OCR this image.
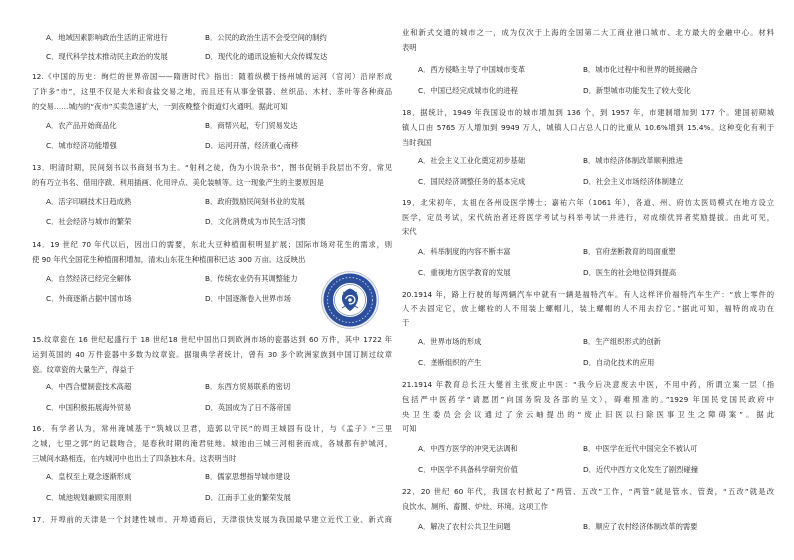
A．地域因素影响政治生活的正常进行	B．公民的政治生活不会受空间的制约
C．现代科学技术推动民主政治的发展	D．现代化的通讯设施和大众传媒发达
12.《中国的历史：绚烂的世界帝国——隋唐时代》指出：随着纵横于扬州城的运河（官河）沿岸形成
了许多“市”，这里不仅是大米和食盐交易之地，而且还有从事金银器、丝织品、木材、茶叶等各种商品
的交易……城内的“夜市”买卖急速扩大，一到夜晚整个街道灯火通明。据此可知
A．农产品开始商品化	B．商帮兴起，专门贸易发达
C．城市经济功能增强	D．运河开凿，经济重心南移
13．明清时期，民间刻书以书商刻书为主。“射利之徒，伪为小说杂书”，图书促销手段层出不穷，常见
的有巧立书名、借用序跋、利用插画、化用评点、美化装帧等。这一现象产生的主要原因是
A．活字印刷技术日趋成熟	B．政府鼓励民间刻书业的发展
C．社会经济与城市的繁荣	D．文化消费成为市民生活习惯
14．19 世纪 70 年代以后，因出口的需要，东北大豆种植面积明显扩展；国际市场对花生的需求，则
使 90 年代全国花生种植面积增加，清末山东花生种植面积已达 300 万亩。这反映出
A．自然经济已经完全解体	B．传统农业仍有其调整能力
C．外商逐渐占据中国市场	D．中国逐渐卷入世界市场
15.纹章瓷在 16 世纪起盛行于 18 世纪18 世纪中国出口到欧洲市场的瓷器达到 60 万件，其中 1722 年
运到英国的 40 万件瓷器中多数为纹章瓷。据瑞典学者统计，曾有 30 多个欧洲家族到中国订制过纹章
瓷。纹章瓷的大量生产，得益于
A．中西合璧制瓷技术高超	B．东西方贸易联系的密切
C．中国积极拓展海外贸易	D．英国成为了日不落帝国
16．有学者认为，常州淹城基于“筑城以卫君，造郭以守民”的周王城固有设计，与《孟子》“三里
之城，七里之郭”的记载吻合，是春秋时期的淹君驻地。城池由三城三河相套而成，各城都有护城河，
三城间水路相连，在内城河中也出土了四条独木舟。这表明当时
A．皇权至上观念逐渐形成	B．儒家思想指导城市建设
C．城池规划兼顾实用原则	D．江南手工业的繁荣发展
17．开埠前的天津是一个封建性城市。开埠通商后，天津很快发展为我国最早建立近代工业、新式商
业和新式交通的城市之一，成为仅次于上海的全国第二大工商业港口城市、北方最大的金融中心。材料
表明
A．西方侵略主导了中国城市变革	B．城市化过程中和世界的链接融合
C．中国已经完成城市化的进程	D．新型城市功能发生了较大变化
18．据统计，1949 年我国设市的城市增加到 136 个，到 1957 年，市建制增加到 177 个。建国初期城
镇人口由 5765 万人增加到 9949 万人，城镇人口占总人口的比重从 10.6%增到 15.4%。这种变化有利于
当时我国
A．社会主义工业化奠定初步基础	B．城市经济体制改革顺利推进
C．国民经济调整任务的基本完成	D．社会主义市场经济体制建立
19．北宋初年，太祖在各州设医学博士；嘉祐六年（1061 年），各道、州、府仿太医局模式在地方设立
医学，定员考试，宋代统治者还将医学考试与科举考试一并进行，对成绩优异者奖励提拔。由此可见，
宋代
A．科举制度的内容不断丰富	B．官府垄断教育的局面重塑
C．重视地方医学教育的发展	D．医生的社会地位得到提高
20.1914 年，路上行驶的每两辆汽车中就有一辆是福特汽车。有人这样评价福特汽车生产：“放上零件的
人不去固定它，放上螺栓的人不用装上螺帽儿，装上螺帽的人不用去拧它。”据此可知，福特的成功在
于
A．世界市场的形成	B．生产组织形式的创新
C．垄断组织的产生	D．自动化技术的应用
21.1914 年教育总长汪大燮首主张废止中医：“我今后决意废去中医，不用中药，所谓立案一层（指
包括严中医药学“请愿团”向国务院及各部的呈文），碍难照准的。”1929 年国民党国民政府中
央卫生委员会会议通过了余云岫提出的“废止旧医以扫除医事卫生之障碍案”。据此
可知
A．中西方医学的冲突无法调和	B．中医学在近代中国完全不被认可
C．中医学不具备科学研究价值	D．近代中西方文化发生了剧烈碰撞
22．20 世纪 60 年代，我国农村掀起了“两管、五改”工作，“两管”就是管水、管粪，“五改”就是改
良饮水、厕所、畜圈、炉灶、环境。这项工作
A．解决了农村公共卫生问题	B．顺应了农村经济体制改革的需要
